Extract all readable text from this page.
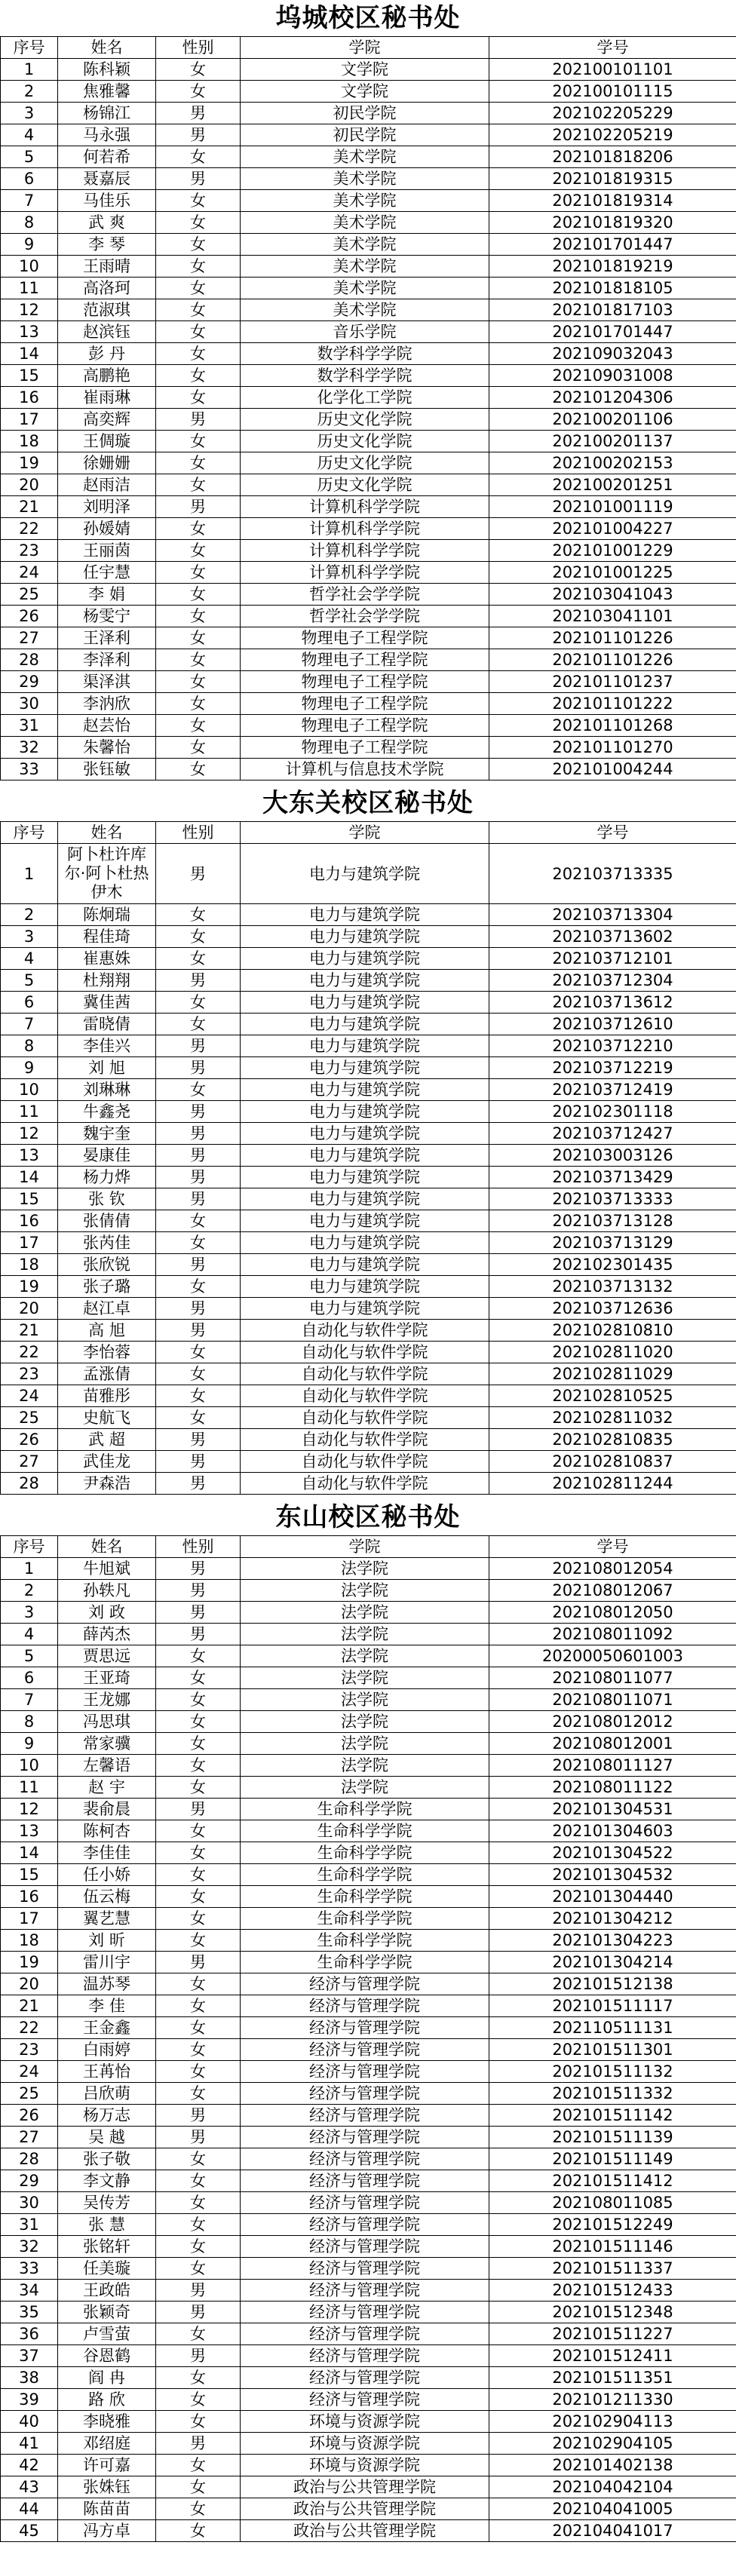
坞城校区秘书处
序号	姓名	性别	学院	学号
1	陈科颖	女	文学院	202100101101
2	焦雅馨	女	文学院	202100101115
3	杨锦江	男	初民学院	202102205229
4	马永强	男	初民学院	202102205219
5	何若希	女	美术学院	202101818206
6	聂嘉辰	男	美术学院	202101819315
7	马佳乐	女	美术学院	202101819314
8	武 爽	女	美术学院	202101819320
9	李 琴	女	美术学院	202101701447
10	王雨晴	女	美术学院	202101819219
11	高洛珂	女	美术学院	202101818105
12	范淑琪	女	美术学院	202101817103
13	赵滨钰	女	音乐学院	202101701447
14	彭 丹	女	数学科学学院	202109032043
15	高鹏艳	女	数学科学学院	202109031008
16	崔雨琳	女	化学化工学院	202101204306
17	高奕辉	男	历史文化学院	202100201106
18	王倜璇	女	历史文化学院	202100201137
19	徐姗姗	女	历史文化学院	202100202153
20	赵雨洁	女	历史文化学院	202100201251
21	刘明泽	男	计算机科学学院	202101001119
22	孙媛婧	女	计算机科学学院	202101004227
23	王丽茵	女	计算机科学学院	202101001229
24	任宇慧	女	计算机科学学院	202101001225
25	李 娟	女	哲学社会学学院	202103041043
26	杨雯宁	女	哲学社会学学院	202103041101
27	王泽利	女	物理电子工程学院	202101101226
28	李泽利	女	物理电子工程学院	202101101226
29	渠泽淇	女	物理电子工程学院	202101101237
30	李汭欣	女	物理电子工程学院	202101101222
31	赵芸怡	女	物理电子工程学院	202101101268
32	朱馨怡	女	物理电子工程学院	202101101270
33	张钰敏	女	计算机与信息技术学院	202101004244
大东关校区秘书处
序号	姓名	性别	学院	学号
1	阿卜杜许库尔·阿卜杜热伊木	男	电力与建筑学院	202103713335
2	陈炯瑞	女	电力与建筑学院	202103713304
3	程佳琦	女	电力与建筑学院	202103713602
4	崔惠姝	女	电力与建筑学院	202103712101
5	杜翔翔	男	电力与建筑学院	202103712304
6	冀佳茜	女	电力与建筑学院	202103713612
7	雷晓倩	女	电力与建筑学院	202103712610
8	李佳兴	男	电力与建筑学院	202103712210
9	刘 旭	男	电力与建筑学院	202103712219
10	刘琳琳	女	电力与建筑学院	202103712419
11	牛鑫尧	男	电力与建筑学院	202102301118
12	魏宇奎	男	电力与建筑学院	202103712427
13	晏康佳	男	电力与建筑学院	202103003126
14	杨力烨	男	电力与建筑学院	202103713429
15	张 钦	男	电力与建筑学院	202103713333
16	张倩倩	女	电力与建筑学院	202103713128
17	张芮佳	女	电力与建筑学院	202103713129
18	张欣锐	男	电力与建筑学院	202102301435
19	张子璐	女	电力与建筑学院	202103713132
20	赵江卓	男	电力与建筑学院	202103712636
21	高 旭	男	自动化与软件学院	202102810810
22	李怡蓉	女	自动化与软件学院	202102811020
23	孟涨倩	女	自动化与软件学院	202102811029
24	苗雅彤	女	自动化与软件学院	202102810525
25	史航飞	女	自动化与软件学院	202102811032
26	武 超	男	自动化与软件学院	202102810835
27	武佳龙	男	自动化与软件学院	202102810837
28	尹森浩	男	自动化与软件学院	202102811244
东山校区秘书处
序号	姓名	性别	学院	学号
1	牛旭斌	男	法学院	202108012054
2	孙轶凡	男	法学院	202108012067
3	刘 政	男	法学院	202108012050
4	薛芮杰	男	法学院	202108011092
5	贾思远	女	法学院	20200050601003
6	王亚琦	女	法学院	202108011077
7	王龙娜	女	法学院	202108011071
8	冯思琪	女	法学院	202108012012
9	常家骥	女	法学院	202108012001
10	左馨语	女	法学院	202108011127
11	赵 宇	女	法学院	202108011122
12	裴俞晨	男	生命科学学院	202101304531
13	陈柯杏	女	生命科学学院	202101304603
14	李佳佳	女	生命科学学院	202101304522
15	任小娇	女	生命科学学院	202101304532
16	伍云梅	女	生命科学学院	202101304440
17	翼艺慧	女	生命科学学院	202101304212
18	刘 昕	女	生命科学学院	202101304223
19	雷川宇	男	生命科学学院	202101304214
20	温苏琴	女	经济与管理学院	202101512138
21	李 佳	女	经济与管理学院	202101511117
22	王金鑫	女	经济与管理学院	202110511131
23	白雨婷	女	经济与管理学院	202101511301
24	王苒怡	女	经济与管理学院	202101511132
25	吕欣萌	女	经济与管理学院	202101511332
26	杨万志	男	经济与管理学院	202101511142
27	吴 越	男	经济与管理学院	202101511139
28	张子敬	女	经济与管理学院	202101511149
29	李文静	女	经济与管理学院	202101511412
30	吴传芳	女	经济与管理学院	202108011085
31	张 慧	女	经济与管理学院	202101512249
32	张铭轩	女	经济与管理学院	202101511146
33	任美璇	女	经济与管理学院	202101511337
34	王政皓	男	经济与管理学院	202101512433
35	张颖奇	男	经济与管理学院	202101512348
36	卢雪萤	女	经济与管理学院	202101511227
37	谷恩鹤	男	经济与管理学院	202101512411
38	阎 冉	女	经济与管理学院	202101511351
39	路 欣	女	经济与管理学院	202101211330
40	李晓雅	女	环境与资源学院	202102904113
41	邓绍庭	男	环境与资源学院	202102904105
42	许可嘉	女	环境与资源学院	202101402138
43	张姝钰	女	政治与公共管理学院	202104042104
44	陈苗苗	女	政治与公共管理学院	202104041005
45	冯方卓	女	政治与公共管理学院	202104041017
